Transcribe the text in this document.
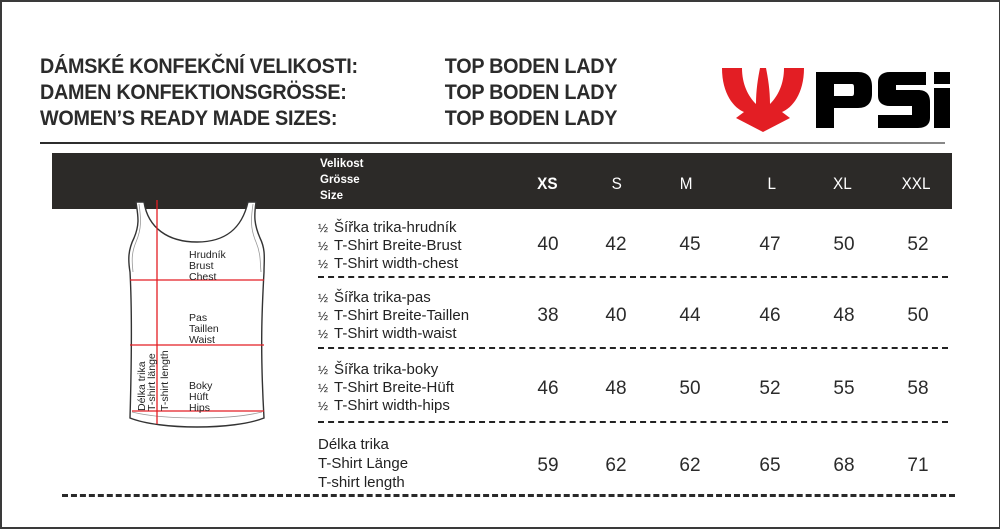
DÁMSKÉ KONFEKČNÍ VELIKOSTI:	TOP BODEN LADY
DAMEN KONFEKTIONSGRÖSSE:	TOP BODEN LADY
WOMEN’S READY MADE SIZES:	TOP BODEN LADY
Velikost
Grösse
Size
XS	S	M	L	XL	XXL
Hrudník
Brust
Chest
Pas
Taillen
Waist
Boky
Hüft
Hips
Délka trika
T-shirt länge T-shirt length
½ Šířka trika-hrudník
½ T-Shirt Breite-Brust
½ T-Shirt width-chest
40	42	45	47	50	52
½ Šířka trika-pas
½ T-Shirt Breite-Taillen
½ T-Shirt width-waist
38	40	44	46	48	50
½ Šířka trika-boky
½ T-Shirt Breite-Hüft
½ T-Shirt width-hips
46	48	50	52	55	58
Délka trika
T-Shirt Länge
T-shirt length
59	62	62	65	68	71
